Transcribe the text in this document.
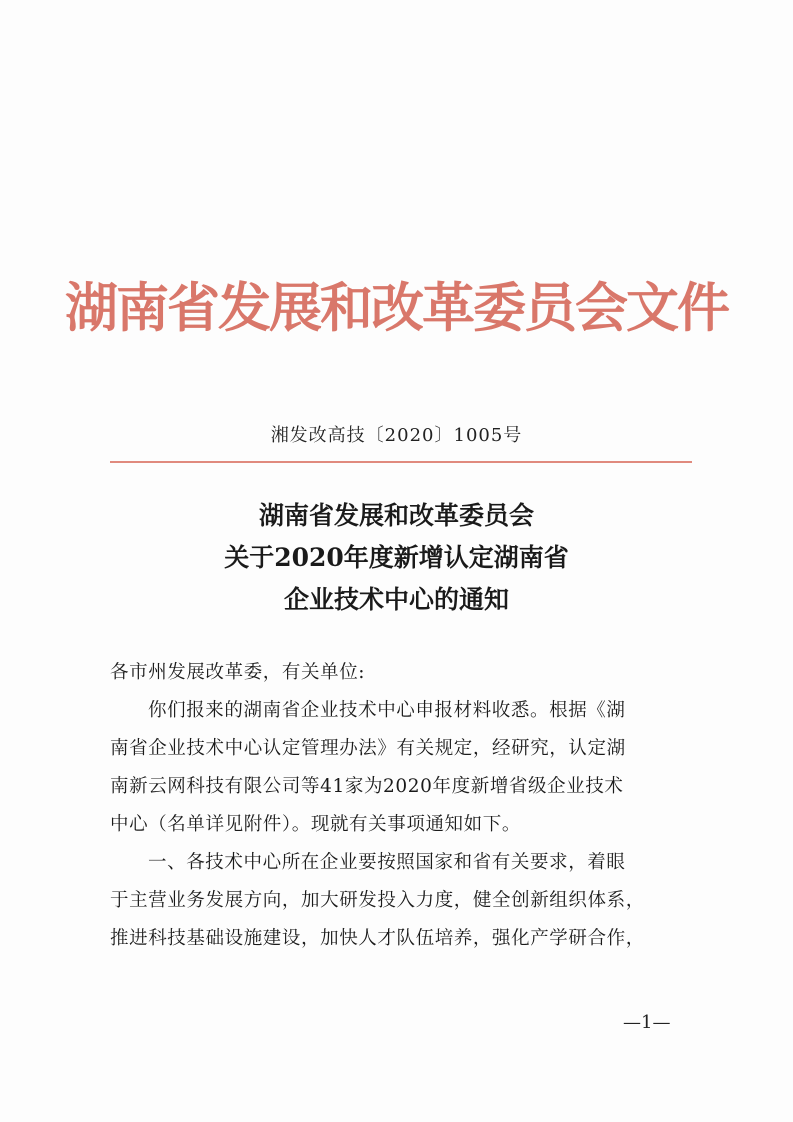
湖南省发展和改革委员会文件
湘发改高技〔2020〕1005号
湖南省发展和改革委员会
关于2020年度新增认定湖南省
企业技术中心的通知
各市州发展改革委，有关单位:
你们报来的湖南省企业技术中心申报材料收悉。根据《湖
南省企业技术中心认定管理办法》有关规定，经研究，认定湖
南新云网科技有限公司等41家为2020年度新增省级企业技术
中心（名单详见附件）。现就有关事项通知如下。
一、各技术中心所在企业要按照国家和省有关要求，着眼
于主营业务发展方向，加大研发投入力度，健全创新组织体系，
推进科技基础设施建设，加快人才队伍培养，强化产学研合作，
—1—
